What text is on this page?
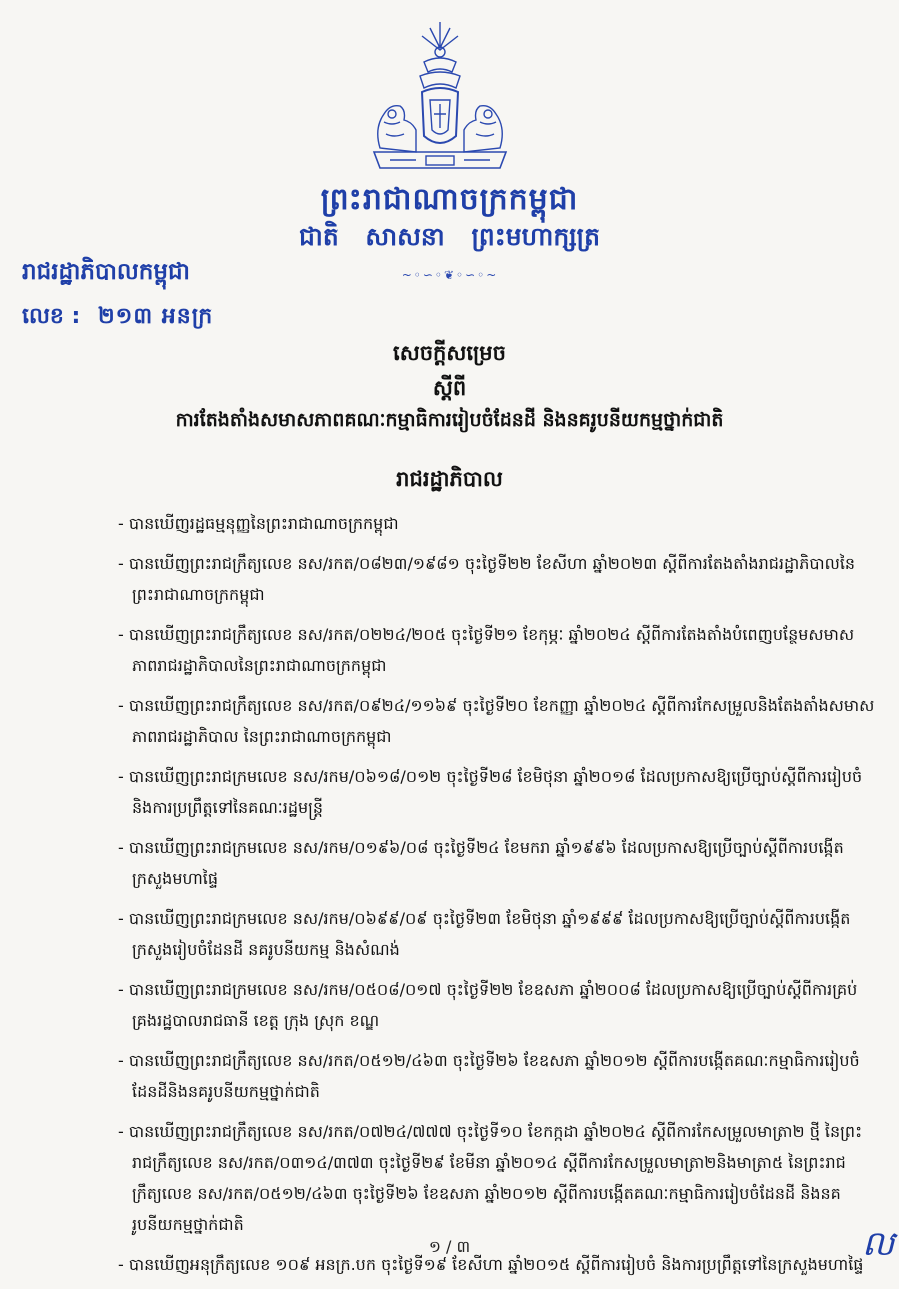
ព្រះរាជាណាចក្រកម្ពុជា
ជាតិ សាសនា ព្រះមហាក្សត្រ
~◦∽◦❦◦∽◦~
រាជរដ្ឋាភិបាលកម្ពុជា
លេខ : ២១៣ អនក្រ
សេចក្តីសម្រេច
ស្តីពី
ការតែងតាំងសមាសភាពគណៈកម្មាធិការរៀបចំដែនដី និងនគរូបនីយកម្មថ្នាក់ជាតិ
រាជរដ្ឋាភិបាល
- បានឃើញរដ្ឋធម្មនុញ្ញនៃព្រះរាជាណាចក្រកម្ពុជា
- បានឃើញព្រះរាជក្រឹត្យលេខ នស/រកត/០៨២៣/១៩៨១ ចុះថ្ងៃទី២២ ខែសីហា ឆ្នាំ២០២៣ ស្តីពីការតែងតាំងរាជរដ្ឋាភិបាលនៃព្រះរាជាណាចក្រកម្ពុជា
- បានឃើញព្រះរាជក្រឹត្យលេខ នស/រកត/០២២៤/២០៥ ចុះថ្ងៃទី២១ ខែកុម្ភៈ ឆ្នាំ២០២៤ ស្តីពីការតែងតាំងបំពេញបន្ថែមសមាសភាពរាជរដ្ឋាភិបាលនៃព្រះរាជាណាចក្រកម្ពុជា
- បានឃើញព្រះរាជក្រឹត្យលេខ នស/រកត/០៩២៤/១១៦៩ ចុះថ្ងៃទី២០ ខែកញ្ញា ឆ្នាំ២០២៤ ស្តីពីការកែសម្រួលនិងតែងតាំងសមាសភាពរាជរដ្ឋាភិបាល នៃព្រះរាជាណាចក្រកម្ពុជា
- បានឃើញព្រះរាជក្រមលេខ នស/រកម/០៦១៨/០១២ ចុះថ្ងៃទី២៨ ខែមិថុនា ឆ្នាំ២០១៨ ដែលប្រកាសឱ្យប្រើច្បាប់ស្តីពីការរៀបចំនិងការប្រព្រឹត្តទៅនៃគណៈរដ្ឋមន្ត្រី
- បានឃើញព្រះរាជក្រមលេខ នស/រកម/០១៩៦/០៨ ចុះថ្ងៃទី២៤ ខែមករា ឆ្នាំ១៩៩៦ ដែលប្រកាសឱ្យប្រើច្បាប់ស្តីពីការបង្កើតក្រសួងមហាផ្ទៃ
- បានឃើញព្រះរាជក្រមលេខ នស/រកម/០៦៩៩/០៩ ចុះថ្ងៃទី២៣ ខែមិថុនា ឆ្នាំ១៩៩៩ ដែលប្រកាសឱ្យប្រើច្បាប់ស្តីពីការបង្កើតក្រសួងរៀបចំដែនដី នគរូបនីយកម្ម និងសំណង់
- បានឃើញព្រះរាជក្រមលេខ នស/រកម/០៥០៨/០១៧ ចុះថ្ងៃទី២២ ខែឧសភា ឆ្នាំ២០០៨ ដែលប្រកាសឱ្យប្រើច្បាប់ស្តីពីការគ្រប់គ្រងរដ្ឋបាលរាជធានី ខេត្ត ក្រុង ស្រុក ខណ្ឌ
- បានឃើញព្រះរាជក្រឹត្យលេខ នស/រកត/០៥១២/៤៦៣ ចុះថ្ងៃទី២៦ ខែឧសភា ឆ្នាំ២០១២ ស្តីពីការបង្កើតគណៈកម្មាធិការរៀបចំដែនដីនិងនគរូបនីយកម្មថ្នាក់ជាតិ
- បានឃើញព្រះរាជក្រឹត្យលេខ នស/រកត/០៧២៤/៧៧៧ ចុះថ្ងៃទី១០ ខែកក្កដា ឆ្នាំ២០២៤ ស្តីពីការកែសម្រួលមាត្រា២ ថ្មី នៃព្រះរាជក្រឹត្យលេខ នស/រកត/០៣១៤/៣៧៣ ចុះថ្ងៃទី២៩ ខែមីនា ឆ្នាំ២០១៤ ស្តីពីការកែសម្រួលមាត្រា២និងមាត្រា៥ នៃព្រះរាជក្រឹត្យលេខ នស/រកត/០៥១២/៤៦៣ ចុះថ្ងៃទី២៦ ខែឧសភា ឆ្នាំ២០១២ ស្តីពីការបង្កើតគណៈកម្មាធិការរៀបចំដែនដី និងនគរូបនីយកម្មថ្នាក់ជាតិ
- បានឃើញអនុក្រឹត្យលេខ ១០៩ អនក្រ.បក ចុះថ្ងៃទី១៩ ខែសីហា ឆ្នាំ២០១៥ ស្តីពីការរៀបចំ និងការប្រព្រឹត្តទៅនៃក្រសួងមហាផ្ទៃ
១ / ៣	ល
